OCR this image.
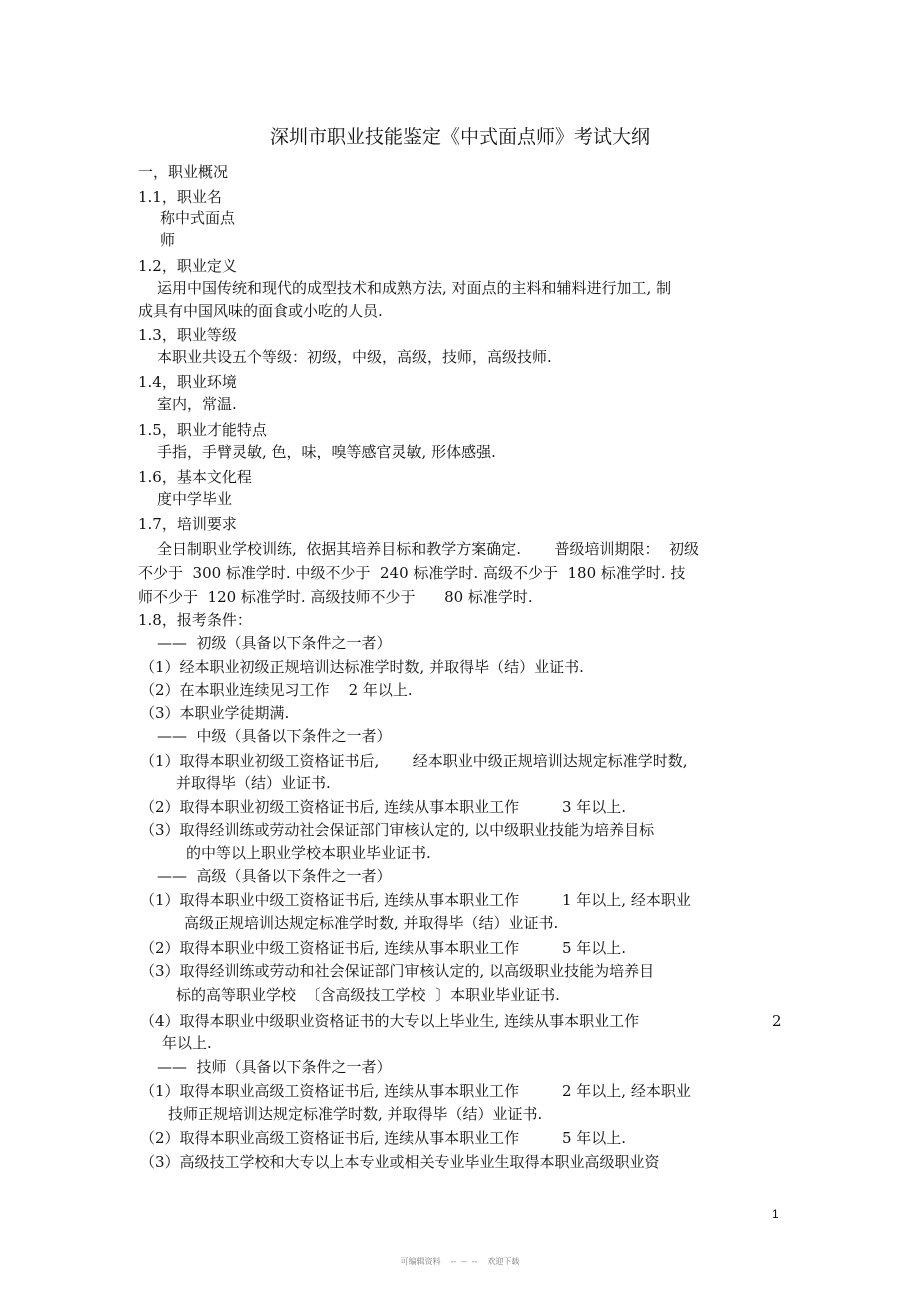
深圳市职业技能鉴定《中式面点师》考试大纲
一，职业概况
1.1，职业名
称中式面点
师
1.2，职业定义
运用中国传统和现代的成型技术和成熟方法, 对面点的主料和辅料进行加工, 制
成具有中国风味的面食或小吃的人员.
1.3，职业等级
本职业共设五个等级：初级，中级，高级，技师，高级技师.
1.4，职业环境
室内，常温.
1.5，职业才能特点
手指，手臂灵敏, 色，味，嗅等感官灵敏, 形体感强.
1.6，基本文化程
度中学毕业
1.7，培训要求
全日制职业学校训练,  依据其培养目标和教学方案确定.       普级培训期限：  初级
不少于  300 标准学时. 中级不少于  240 标准学时. 高级不少于  180 标准学时. 技
师不少于  120 标准学时. 高级技师不少于      80 标准学时.
1.8，报考条件：
——  初级（具备以下条件之一者）
（1）经本职业初级正规培训达标准学时数, 并取得毕（结）业证书.
（2）在本职业连续见习工作    2 年以上.
（3）本职业学徒期满.
——  中级（具备以下条件之一者）
（1）取得本职业初级工资格证书后,       经本职业中级正规培训达规定标准学时数,
并取得毕（结）业证书.
（2）取得本职业初级工资格证书后, 连续从事本职业工作         3 年以上.
（3）取得经训练或劳动社会保证部门审核认定的, 以中级职业技能为培养目标
的中等以上职业学校本职业毕业证书.
——  高级（具备以下条件之一者）
（1）取得本职业中级工资格证书后, 连续从事本职业工作         1 年以上, 经本职业
高级正规培训达规定标准学时数, 并取得毕（结）业证书.
（2）取得本职业中级工资格证书后, 连续从事本职业工作         5 年以上.
（3）取得经训练或劳动和社会保证部门审核认定的, 以高级职业技能为培养目
标的高等职业学校  〔含高级技工学校  〕本职业毕业证书.
（4）取得本职业中级职业资格证书的大专以上毕业生, 连续从事本职业工作	2
年以上.
——  技师（具备以下条件之一者）
（1）取得本职业高级工资格证书后, 连续从事本职业工作         2 年以上, 经本职业
技师正规培训达规定标准学时数, 并取得毕（结）业证书.
（2）取得本职业高级工资格证书后, 连续从事本职业工作         5 年以上.
（3）高级技工学校和大专以上本专业或相关专业毕业生取得本职业高级职业资
1
可编辑资料    --  --  --    欢迎下载
